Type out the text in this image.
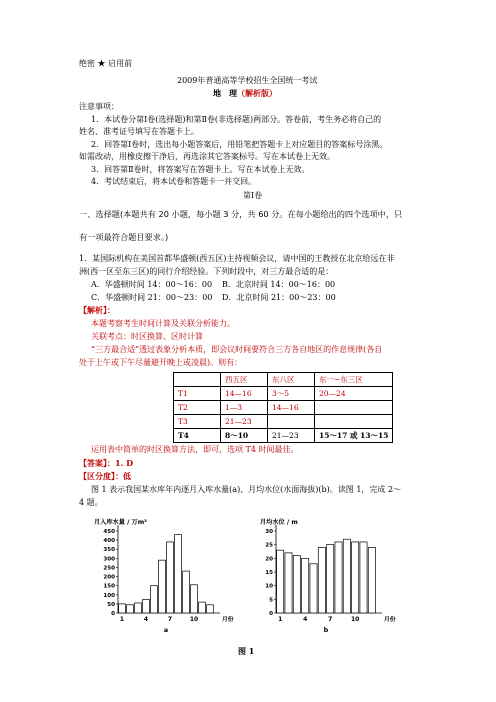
绝密 ★ 启用前
2009年普通高等学校招生全国统一考试
地　理（解析版）
注意事项：
1．本试卷分第Ⅰ卷(选择题)和第Ⅱ卷(非选择题)两部分。答卷前，考生务必将自己的
姓名、准考证号填写在答题卡上。
2．回答第Ⅰ卷时，选出每小题答案后，用铅笔把答题卡上对应题目的答案标号涂黑。
如需改动，用橡皮擦干净后，再选涂其它答案标号。写在本试卷上无效。
3．回答第Ⅱ卷时，将答案写在答题卡上。写在本试卷上无效。
4．考试结束后，将本试卷和答题卡一并交回。
第Ⅰ卷
一、选择题(本题共有 20 小题，每小题 3 分，共 60 分。在每小题给出的四个选项中，只
有一项最符合题目要求。)
1．某国际机构在美国首都华盛顿(西五区)主持视频会议，请中国的王教授在北京给远在非
洲(西一区至东三区)的同行介绍经验。下列时段中，对三方最合适的是：
A．华盛顿时间 14：00～16：00 B．北京时间 14：00～16：00
C．华盛顿时间 21：00～23：00 D．北京时间 21：00～23：00
【解析】：
本题考察考生时间计算及关联分析能力。
关联考点：时区换算、区时计算
“三方最合适”透过表象分析本质，即会议时间要符合三方各自地区的作息规律(各自
处于上午或下午尽量避开晚上或凌晨)。则有：
	西五区	东八区	东一~东三区
T1	14—16	3～5	20—24
T2	1—3	14—16	
T3	21—23		
T4	8～10	21—23	15～17 或 13～15
运用表中简单的时区换算方法，即可，选项 T4 时间最佳。
【答案】：1. D
【区分度】：低
图 1 表示我国某水库年内逐月入库水量(a)、月均水位(水面海拔)(b)。读图 1，完成 2～
4 题。
月入库水量 / 万m³
0
50
100
150
200
250
300
350
400
450
1	4	7	10	月份
a
月均水位 / m
0
5
10
15
20
25
30
1	4	7	10	月份
b
图 1
